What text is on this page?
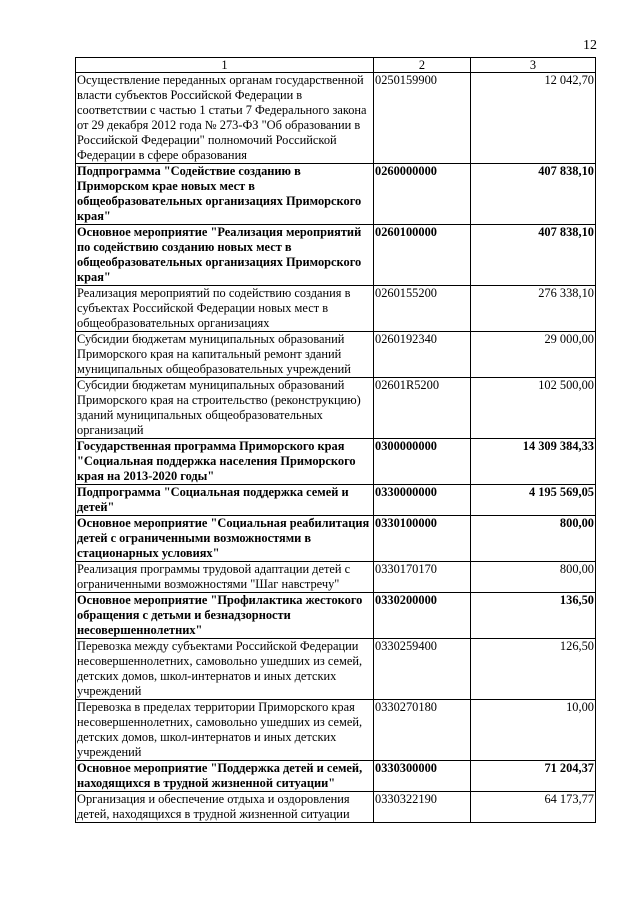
12
1	2	3
Осуществление переданных органам государственной власти субъектов Российской Федерации в соответствии с частью 1 статьи 7 Федерального закона от 29 декабря 2012 года № 273-ФЗ "Об образовании в Российской Федерации" полномочий Российской Федерации в сфере образования	0250159900	12 042,70
Подпрограмма "Содействие созданию в Приморском крае новых мест в общеобразовательных организациях Приморского края"	0260000000	407 838,10
Основное мероприятие "Реализация мероприятий по содействию созданию новых мест в общеобразовательных организациях Приморского края"	0260100000	407 838,10
Реализация мероприятий по содействию создания в субъектах Российской Федерации новых мест в общеобразовательных организациях	0260155200	276 338,10
Субсидии бюджетам муниципальных образований Приморского края на капитальный ремонт зданий муниципальных общеобразовательных учреждений	0260192340	29 000,00
Субсидии бюджетам муниципальных образований Приморского края на строительство (реконструкцию) зданий муниципальных общеобразовательных организаций	02601R5200	102 500,00
Государственная программа Приморского края "Социальная поддержка населения Приморского края на 2013-2020 годы"	0300000000	14 309 384,33
Подпрограмма "Социальная поддержка семей и детей"	0330000000	4 195 569,05
Основное мероприятие "Социальная реабилитация детей с ограниченными возможностями в стационарных условиях"	0330100000	800,00
Реализация программы трудовой адаптации детей с ограниченными возможностями "Шаг навстречу"	0330170170	800,00
Основное мероприятие "Профилактика жестокого обращения с детьми и безнадзорности несовершеннолетних"	0330200000	136,50
Перевозка между субъектами Российской Федерации несовершеннолетних, самовольно ушедших из семей, детских домов, школ-интернатов и иных детских учреждений	0330259400	126,50
Перевозка в пределах территории Приморского края несовершеннолетних, самовольно ушедших из семей, детских домов, школ-интернатов и иных детских учреждений	0330270180	10,00
Основное мероприятие "Поддержка детей и семей, находящихся в трудной жизненной ситуации"	0330300000	71 204,37
Организация и обеспечение отдыха и оздоровления детей, находящихся в трудной жизненной ситуации	0330322190	64 173,77
